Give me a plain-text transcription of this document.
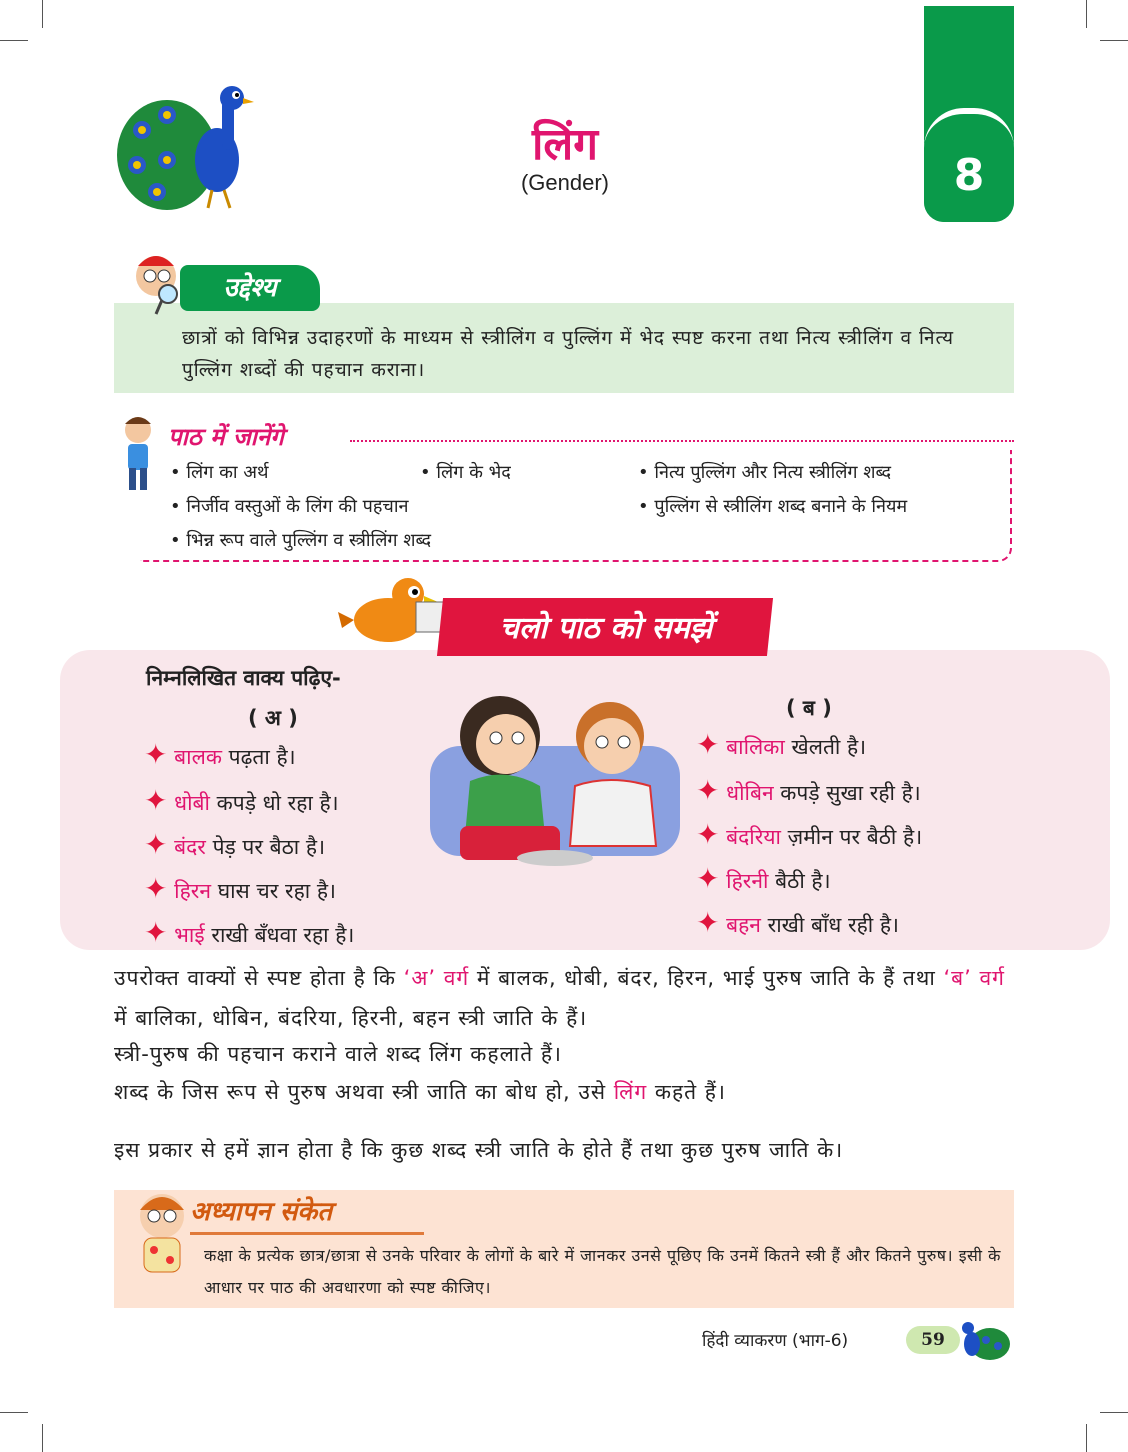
लिंग
(Gender)	8
उद्देश्य
छात्रों को विभिन्न उदाहरणों के माध्यम से स्त्रीलिंग व पुल्लिंग में भेद स्पष्ट करना तथा नित्य स्त्रीलिंग व नित्य पुल्लिंग शब्दों की पहचान कराना।
पाठ में जानेंगे
• लिंग का अर्थ	• लिंग के भेद	• नित्य पुल्लिंग और नित्य स्त्रीलिंग शब्द
• निर्जीव वस्तुओं के लिंग की पहचान	• पुल्लिंग से स्त्रीलिंग शब्द बनाने के नियम
• भिन्न रूप वाले पुल्लिंग व स्त्रीलिंग शब्द
चलो पाठ को समझें
निम्नलिखित वाक्य पढ़िए-
( अ )	( ब )
✦ बालक पढ़ता है।
✦ धोबी कपड़े धो रहा है।
✦ बंदर पेड़ पर बैठा है।
✦ हिरन घास चर रहा है।
✦ भाई राखी बँधवा रहा है।
✦ बालिका खेलती है।
✦ धोबिन कपड़े सुखा रही है।
✦ बंदरिया ज़मीन पर बैठी है।
✦ हिरनी बैठी है।
✦ बहन राखी बाँध रही है।
उपरोक्त वाक्यों से स्पष्ट होता है कि ‘अ’ वर्ग में बालक, धोबी, बंदर, हिरन, भाई पुरुष जाति के हैं तथा ‘ब’ वर्ग में बालिका, धोबिन, बंदरिया, हिरनी, बहन स्त्री जाति के हैं।
स्त्री-पुरुष की पहचान कराने वाले शब्द लिंग कहलाते हैं।
शब्द के जिस रूप से पुरुष अथवा स्त्री जाति का बोध हो, उसे लिंग कहते हैं।
इस प्रकार से हमें ज्ञान होता है कि कुछ शब्द स्त्री जाति के होते हैं तथा कुछ पुरुष जाति के।
अध्यापन संकेत
कक्षा के प्रत्येक छात्र/छात्रा से उनके परिवार के लोगों के बारे में जानकर उनसे पूछिए कि उनमें कितने स्त्री हैं और कितने पुरुष। इसी के आधार पर पाठ की अवधारणा को स्पष्ट कीजिए।
हिंदी व्याकरण (भाग-6)	59
